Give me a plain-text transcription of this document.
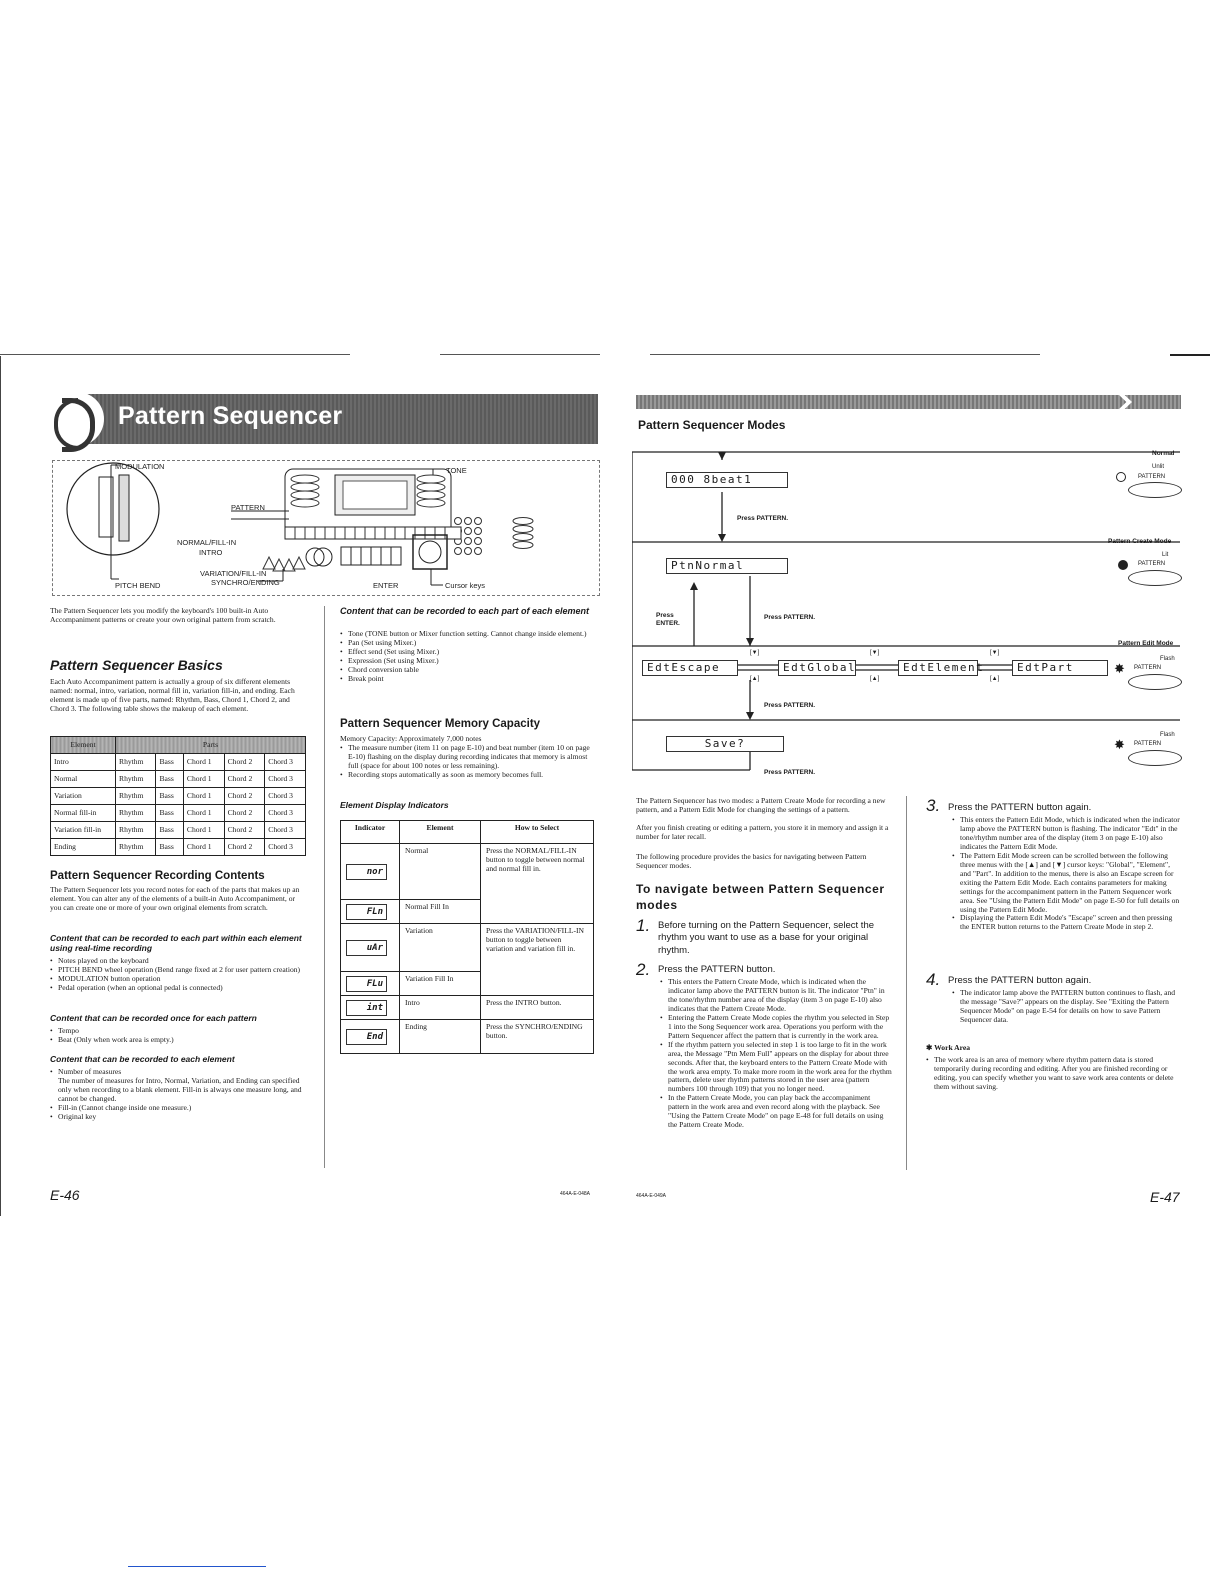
Pattern Sequencer
MODULATION	TONE
PATTERN
NORMAL/FILL-IN
INTRO
VARIATION/FILL-IN
SYNCHRO/ENDING
PITCH BEND	ENTER	Cursor keys

The Pattern Sequencer lets you modify the keyboard's 100 built-in Auto Accompaniment patterns or create your own original pattern from scratch.

Pattern Sequencer Basics

Each Auto Accompaniment pattern is actually a group of six different elements named: normal, intro, variation, normal fill in, variation fill-in, and ending. Each element is made up of five parts, named: Rhythm, Bass, Chord 1, Chord 2, and Chord 3. The following table shows the makeup of each element.

Element	Parts				
Intro	Rhythm	Bass	Chord 1	Chord 2	Chord 3
Normal	Rhythm	Bass	Chord 1	Chord 2	Chord 3
Variation	Rhythm	Bass	Chord 1	Chord 2	Chord 3
Normal fill-in	Rhythm	Bass	Chord 1	Chord 2	Chord 3
Variation fill-in	Rhythm	Bass	Chord 1	Chord 2	Chord 3
Ending	Rhythm	Bass	Chord 1	Chord 2	Chord 3
Pattern Sequencer Recording Contents

The Pattern Sequencer lets you record notes for each of the parts that makes up an element. You can alter any of the elements of a built-in Auto Accompaniment, or you can create one or more of your own original elements from scratch.

Content that can be recorded to each part within each element using real-time recording
• Notes played on the keyboard
• PITCH BEND wheel operation (Bend range fixed at 2 for user pattern creation)
• MODULATION button operation
• Pedal operation (when an optional pedal is connected)
Content that can be recorded once for each pattern
• Tempo
• Beat (Only when work area is empty.)
Content that can be recorded to each element
• Number of measures

The number of measures for Intro, Normal, Variation, and Ending can specified only when recording to a blank element. Fill-in is always one measure long, and cannot be changed.

• Fill-in (Cannot change inside one measure.)
• Original key
Content that can be recorded to each part of each element
• Tone (TONE button or Mixer function setting. Cannot change inside element.)
• Pan (Set using Mixer.)
• Effect send (Set using Mixer.)
• Expression (Set using Mixer.)
• Chord conversion table
• Break point
Pattern Sequencer Memory Capacity

Memory Capacity: Approximately 7,000 notes

• The measure number (item 11 on page E-10) and beat number (item 10 on page E-10) flashing on the display during recording indicates that memory is almost full (space for about 100 notes or less remaining).
• Recording stops automatically as soon as memory becomes full.
Element Display Indicators
Indicator	Element	How to Select
nor	Normal	Press the NORMAL/FILL-IN button to toggle between normal and normal fill in.
FLn	Normal Fill In	
uAr	Variation	Press the VARIATION/FILL-IN button to toggle between variation and variation fill in.
FLu	Variation Fill In	
int	Intro	Press the INTRO button.
End	Ending	Press the SYNCHRO/ENDING button.
Pattern Sequencer Modes
Normal
000 8beat1
Press PATTERN.
Unlit
PATTERN
Pattern Create Mode
PtnNormal
Lit
PATTERN
Press ENTER.
Press PATTERN.
Pattern Edit Mode
EdtEscape	EdtGlobal	EdtElement	EdtPart
[▼]
[▲]
[▼]
[▲]
[▼]
[▲]
Flash
✸ PATTERN
Press PATTERN.
Save?
Flash
✸ PATTERN
Press PATTERN.

The Pattern Sequencer has two modes: a Pattern Create Mode for recording a new pattern, and a Pattern Edit Mode for changing the settings of a pattern.

After you finish creating or editing a pattern, you store it in memory and assign it a number for later recall.

The following procedure provides the basics for navigating between Pattern Sequencer modes.

To navigate between Pattern Sequencer modes
1. Before turning on the Pattern Sequencer, select the rhythm you want to use as a base for your original rhythm.
2. Press the PATTERN button.
• This enters the Pattern Create Mode, which is indicated when the indicator lamp above the PATTERN button is lit. The indicator "Ptn" in the tone/rhythm number area of the display (item 3 on page E-10) also indicates that the Pattern Create Mode.
• Entering the Pattern Create Mode copies the rhythm you selected in Step 1 into the Song Sequencer work area. Operations you perform with the Pattern Sequencer affect the pattern that is currently in the work area.
• If the rhythm pattern you selected in step 1 is too large to fit in the work area, the Message "Ptn Mem Full" appears on the display for about three seconds. After that, the keyboard enters to the Pattern Create Mode with the work area empty. To make more room in the work area for the rhythm pattern, delete user rhythm patterns stored in the user area (pattern numbers 100 through 109) that you no longer need.
• In the Pattern Create Mode, you can play back the accompaniment pattern in the work area and even record along with the playback. See "Using the Pattern Create Mode" on page E-48 for full details on using the Pattern Create Mode.
3. Press the PATTERN button again.
• This enters the Pattern Edit Mode, which is indicated when the indicator lamp above the PATTERN button is flashing. The indicator "Edt" in the tone/rhythm number area of the display (item 3 on page E-10) also indicates the Pattern Edit Mode.
• The Pattern Edit Mode screen can be scrolled between the following three menus with the [▲] and [▼] cursor keys: "Global", "Element", and "Part". In addition to the menus, there is also an Escape screen for exiting the Pattern Edit Mode. Each contains parameters for making settings for the accompaniment pattern in the Pattern Sequencer work area. See "Using the Pattern Edit Mode" on page E-50 for full details on using the Pattern Edit Mode.
• Displaying the Pattern Edit Mode's "Escape" screen and then pressing the ENTER button returns to the Pattern Create Mode in step 2.
4. Press the PATTERN button again.
• The indicator lamp above the PATTERN button continues to flash, and the message "Save?" appears on the display. See "Exiting the Pattern Sequencer Mode" on page E-54 for details on how to save Pattern Sequencer data.
✱ Work Area
• The work area is an area of memory where rhythm pattern data is stored temporarily during recording and editing. After you are finished recording or editing, you can specify whether you want to save work area contents or delete them without saving.
E-46	464A-E-048A	464A-E-049A	E-47
